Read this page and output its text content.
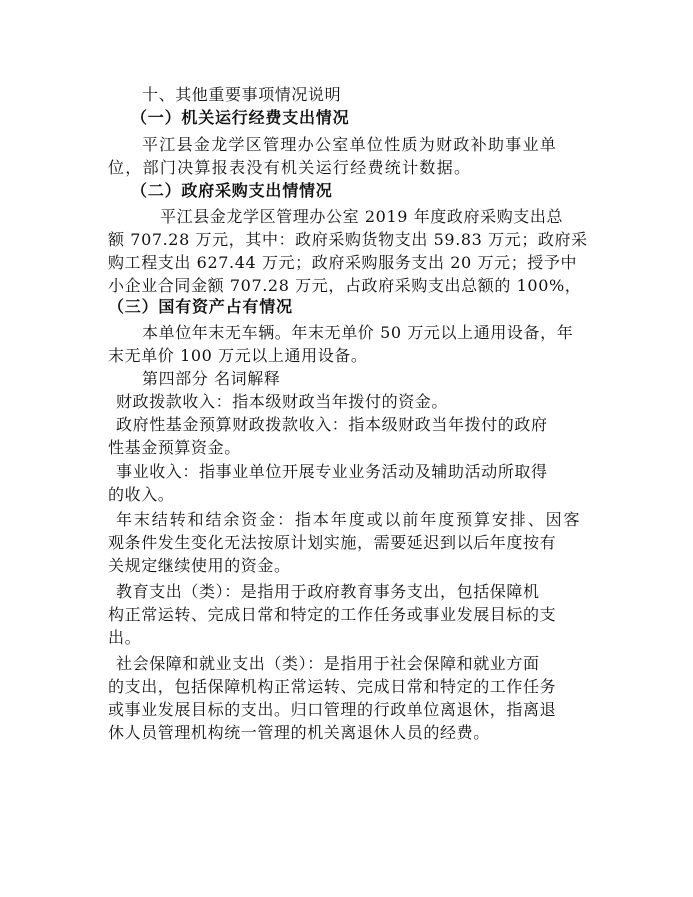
十、其他重要事项情况说明
（一）机关运行经费支出情况
平江县金龙学区管理办公室单位性质为财政补助事业单
位，部门决算报表没有机关运行经费统计数据。
（二）政府采购支出情情况
平江县金龙学区管理办公室 2019 年度政府采购支出总
额 707.28 万元，其中：政府采购货物支出 59.83 万元；政府采
购工程支出 627.44 万元；政府采购服务支出 20 万元；授予中
小企业合同金额 707.28 万元，占政府采购支出总额的 100%，
（三）国有资产占有情况
本单位年末无车辆。年末无单价 50 万元以上通用设备，年
末无单价 100 万元以上通用设备。
第四部分 名词解释
财政拨款收入：指本级财政当年拨付的资金。
政府性基金预算财政拨款收入：指本级财政当年拨付的政府
性基金预算资金。
事业收入：指事业单位开展专业业务活动及辅助活动所取得
的收入。
年末结转和结余资金：指本年度或以前年度预算安排、因客
观条件发生变化无法按原计划实施，需要延迟到以后年度按有
关规定继续使用的资金。
教育支出（类）：是指用于政府教育事务支出，包括保障机
构正常运转、完成日常和特定的工作任务或事业发展目标的支
出。
社会保障和就业支出（类）：是指用于社会保障和就业方面
的支出，包括保障机构正常运转、完成日常和特定的工作任务
或事业发展目标的支出。归口管理的行政单位离退休，指离退
休人员管理机构统一管理的机关离退休人员的经费。
